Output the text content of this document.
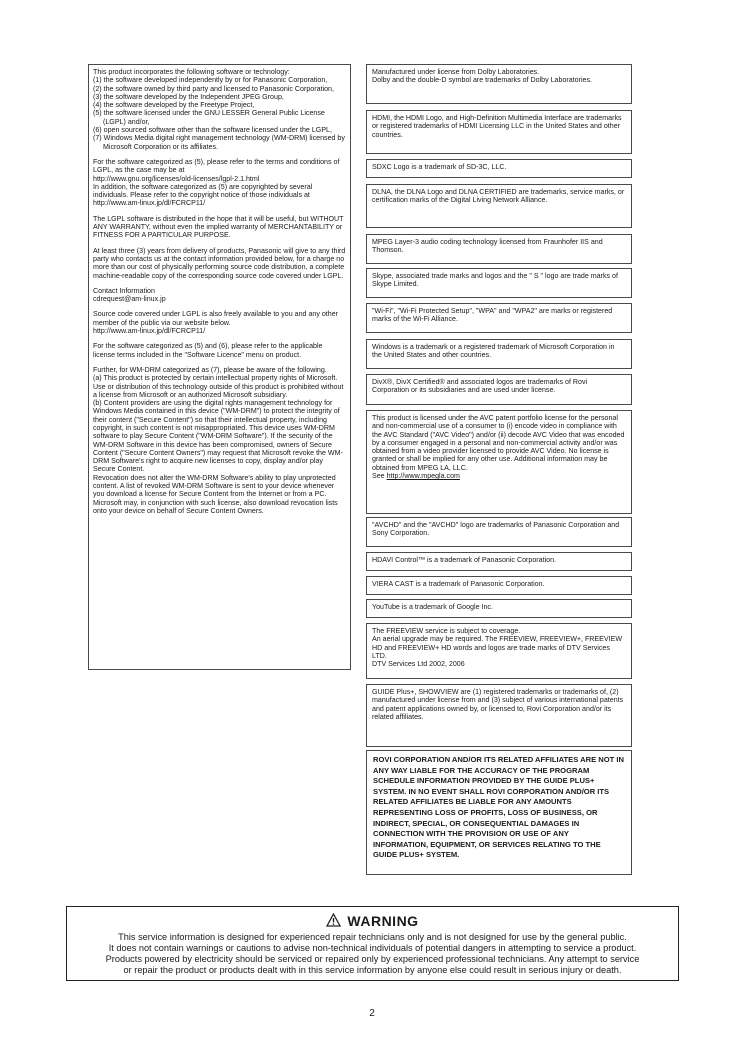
This product incorporates the following software or technology:

(1) the software developed independently by or for Panasonic Corporation,
(2) the software owned by third party and licensed to Panasonic Corporation,
(3) the software developed by the Independent JPEG Group,
(4) the software developed by the Freetype Project,
(5) the software licensed under the GNU LESSER General Public License (LGPL) and/or,
(6) open sourced software other than the software licensed under the LGPL,
(7) Windows Media digital right management technology (WM-DRM) licensed by Microsoft Corporation or its affiliates.

For the software categorized as (5), please refer to the terms and conditions of LGPL, as the case may be at
http://www.gnu.org/licenses/old-licenses/lgpl-2.1.html
In addition, the software categorized as (5) are copyrighted by several individuals. Please refer to the copyright notice of those individuals at
http://www.am-linux.jp/dl/FCRCP11/

The LGPL software is distributed in the hope that it will be useful, but WITHOUT ANY WARRANTY, without even the implied warranty of MERCHANTABILITY or FITNESS FOR A PARTICULAR PURPOSE.

At least three (3) years from delivery of products, Panasonic will give to any third party who contacts us at the contact information provided below, for a charge no more than our cost of physically performing source code distribution, a complete machine-readable copy of the corresponding source code covered under LGPL.

Contact Information
cdrequest@am-linux.jp

Source code covered under LGPL is also freely available to you and any other member of the public via our website below.
http://www.am-linux.jp/dl/FCRCP11/

For the software categorized as (5) and (6), please refer to the applicable license terms included in the "Software Licence" menu on product.

Further, for WM-DRM categorized as (7), please be aware of the following.
(a) This product is protected by certain intellectual property rights of Microsoft.
Use or distribution of this technology outside of this product is prohibited without a license from Microsoft or an authorized Microsoft subsidiary.
(b) Content providers are using the digital rights management technology for Windows Media contained in this device ("WM-DRM") to protect the integrity of their content ("Secure Content") so that their intellectual property, including copyright, in such content is not misappropriated. This device uses WM-DRM software to play Secure Content ("WM-DRM Software"). If the security of the WM-DRM Software in this device has been compromised, owners of Secure Content ("Secure Content Owners") may request that Microsoft revoke the WM-DRM Software's right to acquire new licenses to copy, display and/or play Secure Content.
Revocation does not alter the WM-DRM Software's ability to play unprotected content. A list of revoked WM-DRM Software is sent to your device whenever you download a license for Secure Content from the Internet or from a PC. Microsoft may, in conjunction with such license, also download revocation lists onto your device on behalf of Secure Content Owners.

Manufactured under license from Dolby Laboratories.
Dolby and the double-D symbol are trademarks of Dolby Laboratories.
HDMI, the HDMI Logo, and High-Definition Multimedia Interface are trademarks or registered trademarks of HDMI Licensing LLC in the United States and other countries.
SDXC Logo is a trademark of SD-3C, LLC.
DLNA, the DLNA Logo and DLNA CERTIFIED are trademarks, service marks, or certification marks of the Digital Living Network Alliance.
MPEG Layer-3 audio coding technology licensed from Fraunhofer IIS and Thomson.
Skype, associated trade marks and logos and the " S " logo are trade marks of Skype Limited.
"Wi-Fi", "Wi-Fi Protected Setup", "WPA" and "WPA2" are marks or registered marks of the Wi-Fi Alliance.
Windows is a trademark or a registered trademark of Microsoft Corporation in the United States and other countries.
DivX®, DivX Certified® and associated logos are trademarks of Rovi Corporation or its subsidiaries and are used under license.
This product is licensed under the AVC patent portfolio license for the personal and non-commercial use of a consumer to (i) encode video in compliance with the AVC Standard ("AVC Video") and/or (ii) decode AVC Video that was encoded by a consumer engaged in a personal and non-commercial activity and/or was obtained from a video provider licensed to provide AVC Video. No license is granted or shall be implied for any other use. Additional information may be obtained from MPEG LA, LLC.
See http://www.mpegla.com
"AVCHD" and the "AVCHD" logo are trademarks of Panasonic Corporation and Sony Corporation.
HDAVI Control™ is a trademark of Panasonic Corporation.
VIERA CAST is a trademark of Panasonic Corporation.
YouTube is a trademark of Google Inc.
The FREEVIEW service is subject to coverage.
An aerial upgrade may be required. The FREEVIEW, FREEVIEW+, FREEVIEW HD and FREEVIEW+ HD words and logos are trade marks of DTV Services LTD.
DTV Services Ltd 2002, 2006
GUIDE Plus+, SHOWVIEW are (1) registered trademarks or trademarks of, (2) manufactured under license from and (3) subject of various international patents and patent applications owned by, or licensed to, Rovi Corporation and/or its related affiliates.
ROVI CORPORATION AND/OR ITS RELATED AFFILIATES ARE NOT IN ANY WAY LIABLE FOR THE ACCURACY OF THE PROGRAM SCHEDULE INFORMATION PROVIDED BY THE GUIDE PLUS+ SYSTEM. IN NO EVENT SHALL ROVI CORPORATION AND/OR ITS RELATED AFFILIATES BE LIABLE FOR ANY AMOUNTS REPRESENTING LOSS OF PROFITS, LOSS OF BUSINESS, OR INDIRECT, SPECIAL, OR CONSEQUENTIAL DAMAGES IN CONNECTION WITH THE PROVISION OR USE OF ANY INFORMATION, EQUIPMENT, OR SERVICES RELATING TO THE GUIDE PLUS+ SYSTEM.
WARNING
This service information is designed for experienced repair technicians only and is not designed for use by the general public.
It does not contain warnings or cautions to advise non-technical individuals of potential dangers in attempting to service a product.
Products powered by electricity should be serviced or repaired only by experienced professional technicians. Any attempt to service
or repair the product or products dealt with in this service information by anyone else could result in serious injury or death.
2
